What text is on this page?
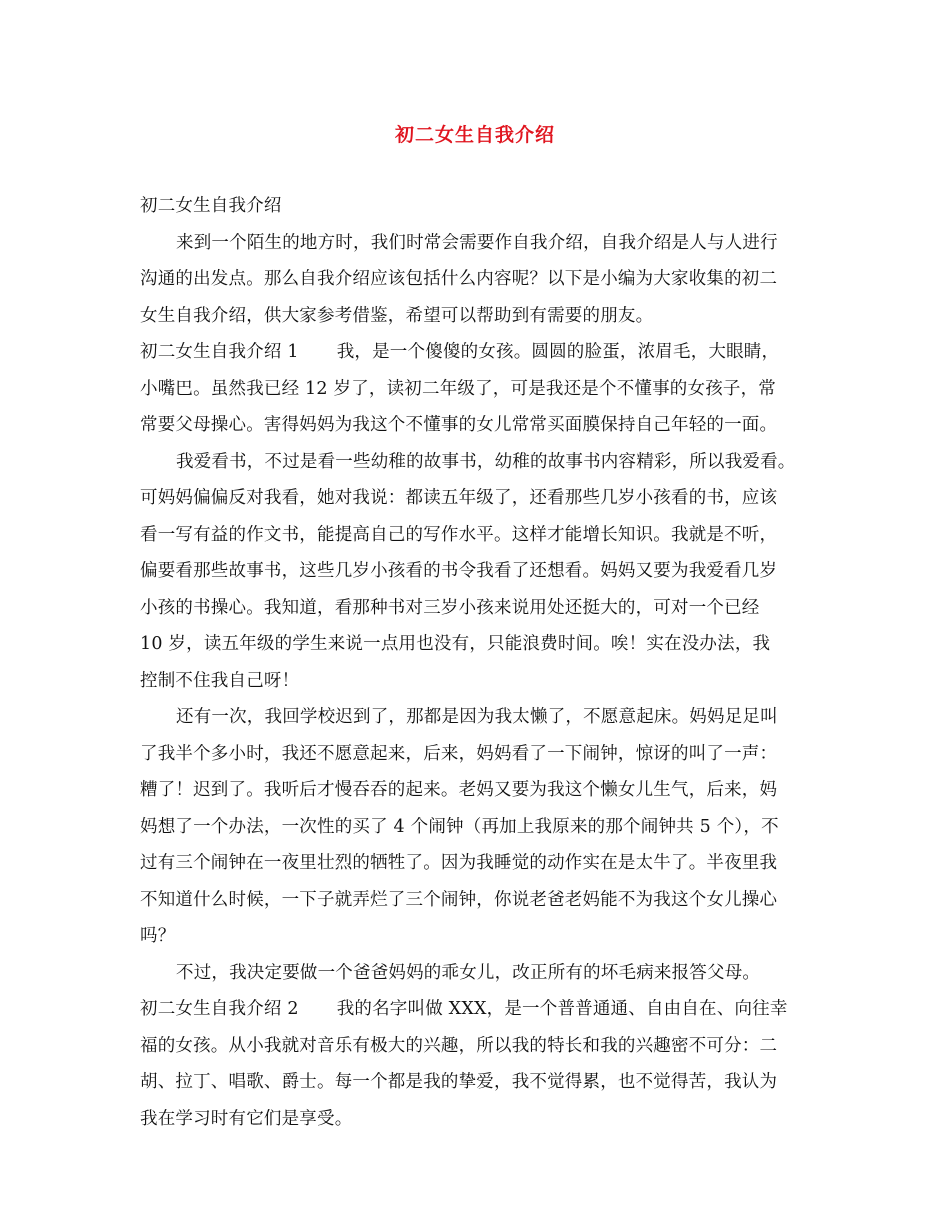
初二女生自我介绍
初二女生自我介绍
来到一个陌生的地方时，我们时常会需要作自我介绍，自我介绍是人与人进行
沟通的出发点。那么自我介绍应该包括什么内容呢？以下是小编为大家收集的初二
女生自我介绍，供大家参考借鉴，希望可以帮助到有需要的朋友。
初二女生自我介绍 1 我，是一个傻傻的女孩。圆圆的脸蛋，浓眉毛，大眼睛，
小嘴巴。虽然我已经 12 岁了，读初二年级了，可是我还是个不懂事的女孩子，常
常要父母操心。害得妈妈为我这个不懂事的女儿常常买面膜保持自己年轻的一面。
我爱看书，不过是看一些幼稚的故事书，幼稚的故事书内容精彩，所以我爱看。
可妈妈偏偏反对我看，她对我说：都读五年级了，还看那些几岁小孩看的书，应该
看一写有益的作文书，能提高自己的写作水平。这样才能增长知识。我就是不听，
偏要看那些故事书，这些几岁小孩看的书令我看了还想看。妈妈又要为我爱看几岁
小孩的书操心。我知道，看那种书对三岁小孩来说用处还挺大的，可对一个已经
10 岁，读五年级的学生来说一点用也没有，只能浪费时间。唉！实在没办法，我
控制不住我自己呀！
还有一次，我回学校迟到了，那都是因为我太懒了，不愿意起床。妈妈足足叫
了我半个多小时，我还不愿意起来，后来，妈妈看了一下闹钟，惊讶的叫了一声：
糟了！迟到了。我听后才慢吞吞的起来。老妈又要为我这个懒女儿生气，后来，妈
妈想了一个办法，一次性的买了 4 个闹钟（再加上我原来的那个闹钟共 5 个），不
过有三个闹钟在一夜里壮烈的牺牲了。因为我睡觉的动作实在是太牛了。半夜里我
不知道什么时候，一下子就弄烂了三个闹钟，你说老爸老妈能不为我这个女儿操心
吗？
不过，我决定要做一个爸爸妈妈的乖女儿，改正所有的坏毛病来报答父母。
初二女生自我介绍 2 我的名字叫做 XXX，是一个普普通通、自由自在、向往幸
福的女孩。从小我就对音乐有极大的兴趣，所以我的特长和我的兴趣密不可分：二
胡、拉丁、唱歌、爵士。每一个都是我的挚爱，我不觉得累，也不觉得苦，我认为
我在学习时有它们是享受。
